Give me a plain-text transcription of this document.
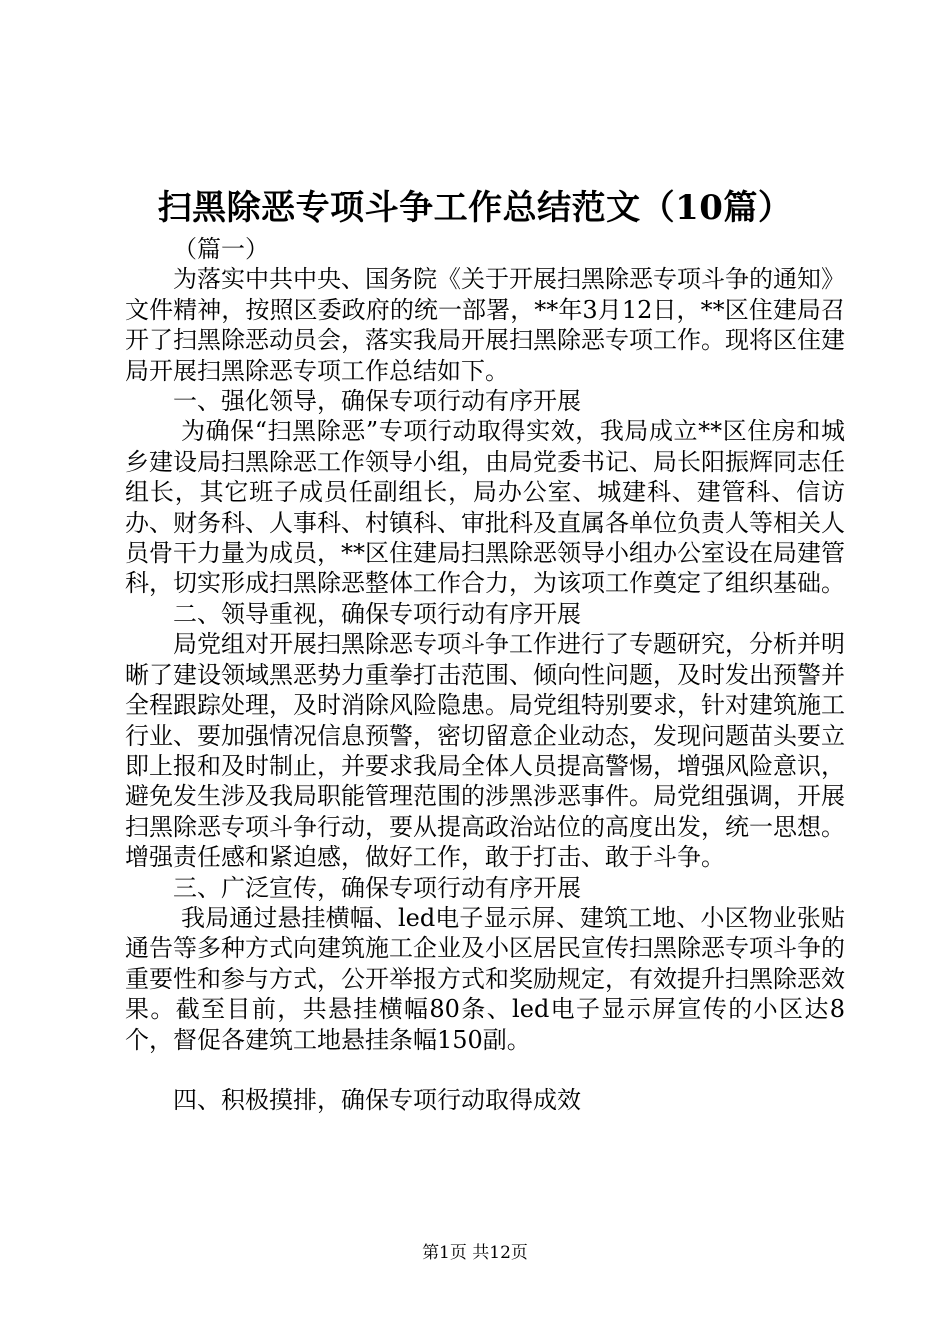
扫黑除恶专项斗争工作总结范文（10篇）

（篇一）

为落实中共中央、国务院《关于开展扫黑除恶专项斗争的通知》文件精神，按照区委政府的统一部署，**年3月12日，**区住建局召开了扫黑除恶动员会，落实我局开展扫黑除恶专项工作。现将区住建局开展扫黑除恶专项工作总结如下。

一、强化领导，确保专项行动有序开展

为确保“扫黑除恶”专项行动取得实效，我局成立**区住房和城乡建设局扫黑除恶工作领导小组，由局党委书记、局长阳振辉同志任组长，其它班子成员任副组长，局办公室、城建科、建管科、信访办、财务科、人事科、村镇科、审批科及直属各单位负责人等相关人员骨干力量为成员，**区住建局扫黑除恶领导小组办公室设在局建管科，切实形成扫黑除恶整体工作合力，为该项工作奠定了组织基础。

二、领导重视，确保专项行动有序开展

局党组对开展扫黑除恶专项斗争工作进行了专题研究，分析并明晰了建设领域黑恶势力重拳打击范围、倾向性问题，及时发出预警并全程跟踪处理，及时消除风险隐患。局党组特别要求，针对建筑施工行业、要加强情况信息预警，密切留意企业动态，发现问题苗头要立即上报和及时制止，并要求我局全体人员提高警惕，增强风险意识，避免发生涉及我局职能管理范围的涉黑涉恶事件。局党组强调，开展扫黑除恶专项斗争行动，要从提高政治站位的高度出发，统一思想。增强责任感和紧迫感，做好工作，敢于打击、敢于斗争。

三、广泛宣传，确保专项行动有序开展

我局通过悬挂横幅、led电子显示屏、建筑工地、小区物业张贴通告等多种方式向建筑施工企业及小区居民宣传扫黑除恶专项斗争的重要性和参与方式，公开举报方式和奖励规定，有效提升扫黑除恶效果。截至目前，共悬挂横幅80条、led电子显示屏宣传的小区达8个，督促各建筑工地悬挂条幅150副。

四、积极摸排，确保专项行动取得成效

第1页 共12页
